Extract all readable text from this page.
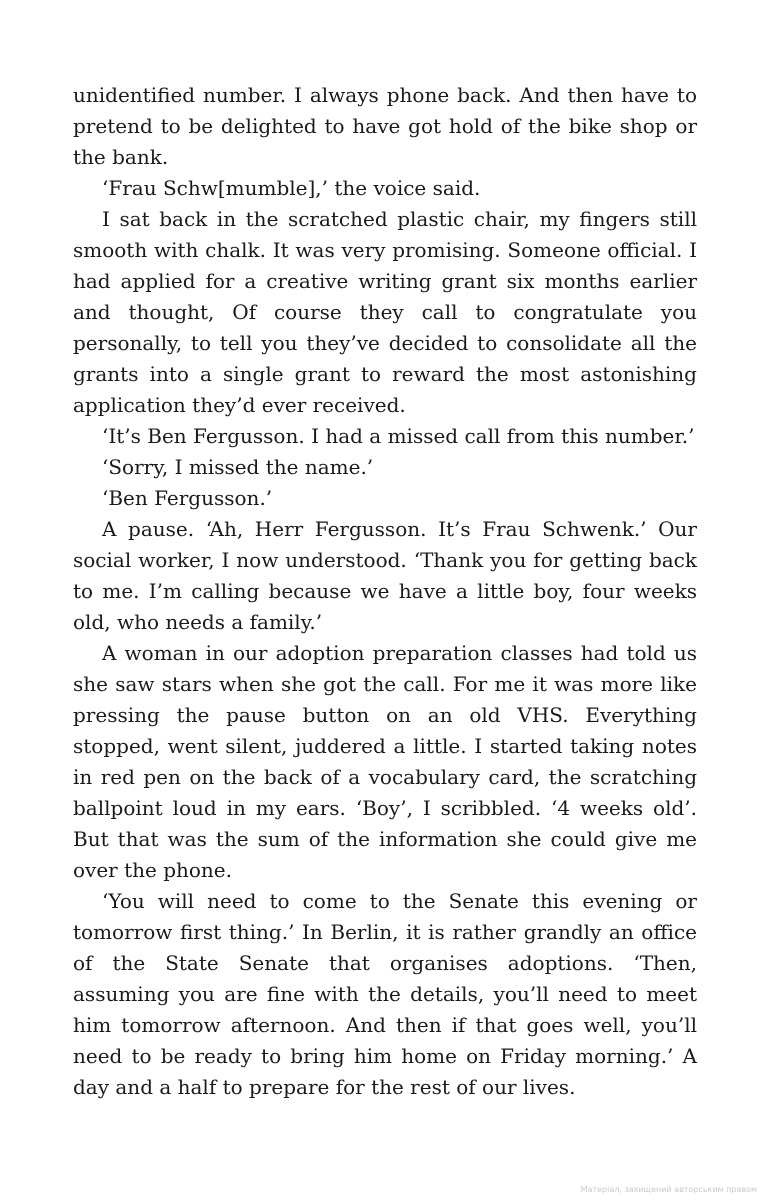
unidentified number. I always phone back. And then have to pretend to be delighted to have got hold of the bike shop or the bank.

‘Frau Schw[mumble],’ the voice said.

I sat back in the scratched plastic chair, my fingers still smooth with chalk. It was very promising. Someone official. I had applied for a creative writing grant six months earlier and thought, Of course they call to congratulate you personally, to tell you they’ve decided to consolidate all the grants into a single grant to reward the most astonishing application they’d ever received.

‘It’s Ben Fergusson. I had a missed call from this number.’

‘Sorry, I missed the name.’

‘Ben Fergusson.’

A pause. ‘Ah, Herr Fergusson. It’s Frau Schwenk.’ Our social worker, I now understood. ‘Thank you for getting back to me. I’m calling because we have a little boy, four weeks old, who needs a family.’

A woman in our adoption preparation classes had told us she saw stars when she got the call. For me it was more like pressing the pause button on an old VHS. Everything stopped, went silent, juddered a little. I started taking notes in red pen on the back of a vocabulary card, the scratching ballpoint loud in my ears. ‘Boy’, I scribbled. ‘4 weeks old’. But that was the sum of the information she could give me over the phone.

‘You will need to come to the Senate this evening or tomorrow first thing.’ In Berlin, it is rather grandly an office of the State Senate that organises adoptions. ‘Then, assuming you are fine with the details, you’ll need to meet him tomorrow afternoon. And then if that goes well, you’ll need to be ready to bring him home on Friday morning.’ A day and a half to prepare for the rest of our lives.

Матеріал, захищений авторським правом
